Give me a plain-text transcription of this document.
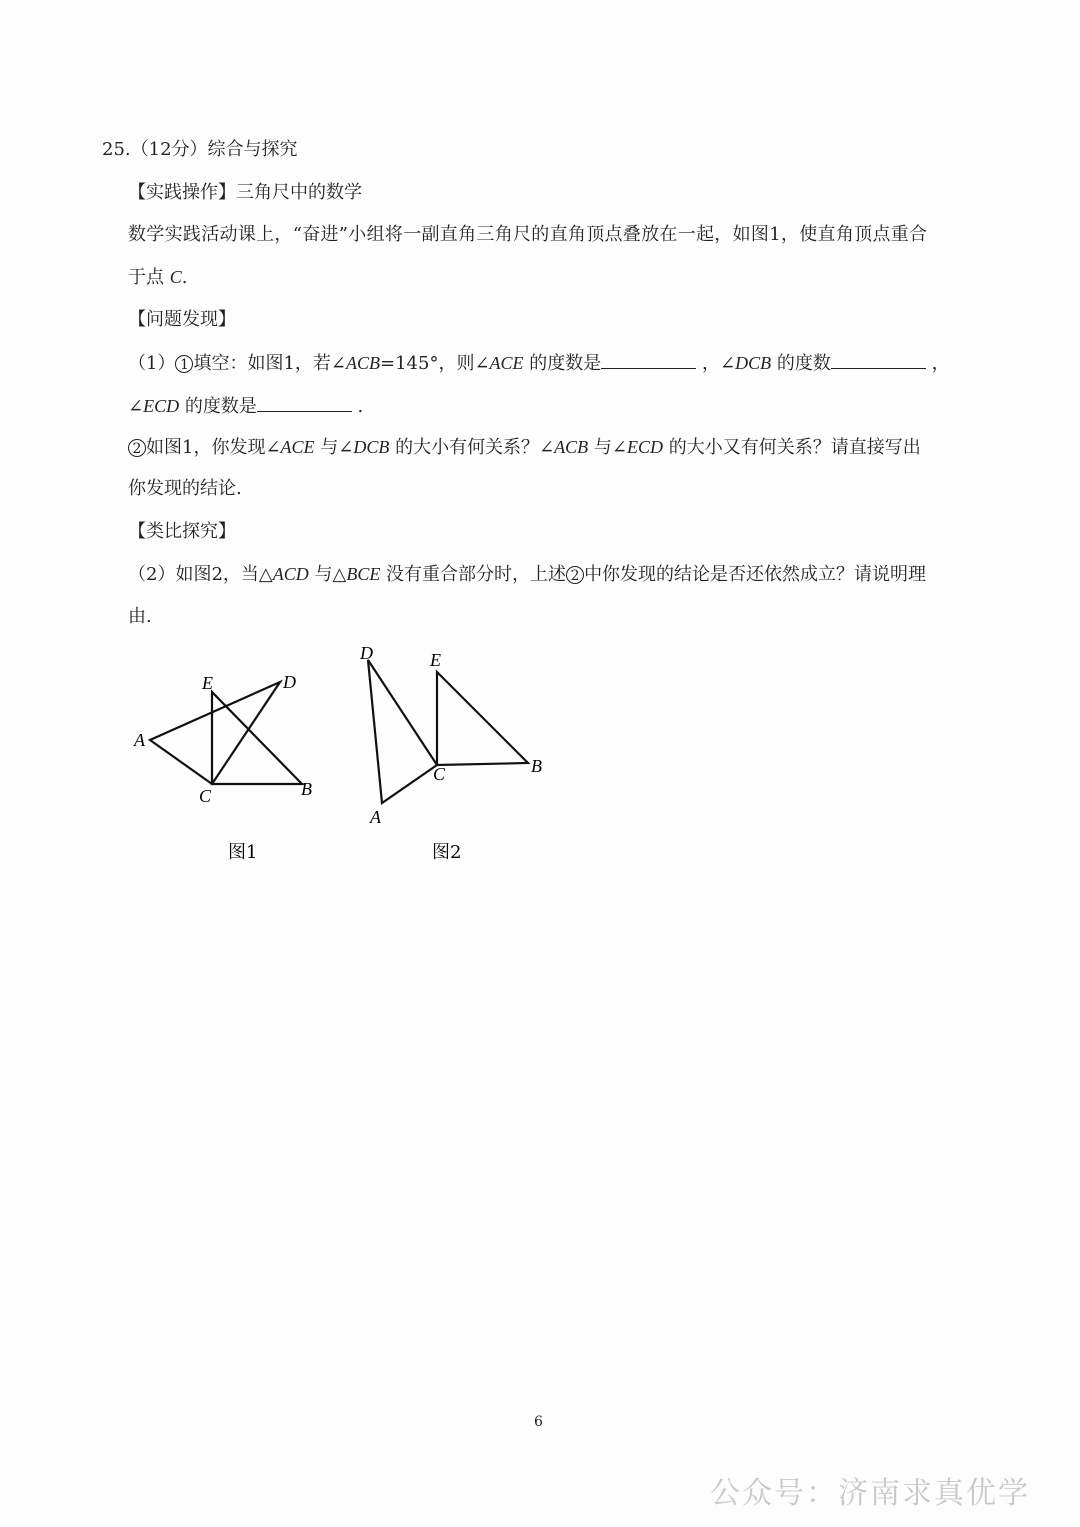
25.（12分）综合与探究
【实践操作】三角尺中的数学
数学实践活动课上，“奋进”小组将一副直角三角尺的直角顶点叠放在一起，如图1，使直角顶点重合
于点 C.
【问题发现】
（1） 1 填空：如图1，若∠ACB=145°，则∠ACE 的度数是	，∠DCB 的度数	，
∠ECD 的度数是	.
2 如图1，你发现∠ACE 与∠DCB 的大小有何关系？∠ACB 与∠ECD 的大小又有何关系？请直接写出
你发现的结论.
【类比探究】
（2）如图2，当△ACD 与△BCE 没有重合部分时，上述 2 中你发现的结论是否还依然成立？请说明理
由.
A
E	D
C	B
图1
D	E
C	B
A
图2
6
公众号：济南求真优学
